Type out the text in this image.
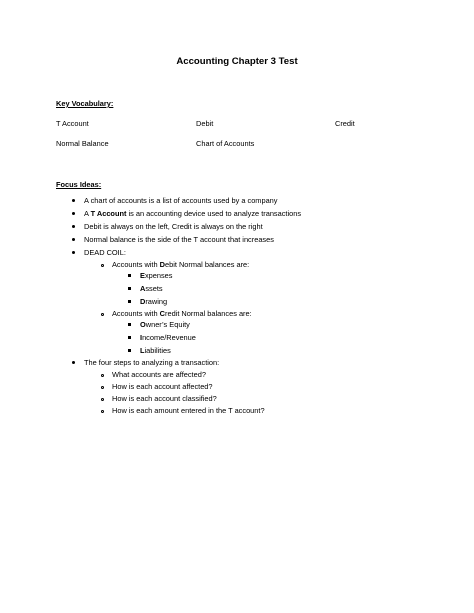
Accounting Chapter 3 Test
Key Vocabulary:
T Account	Debit	Credit
Normal Balance	Chart of Accounts
Focus Ideas:
A chart of accounts is a list of accounts used by a company
A T Account is an accounting device used to analyze transactions
Debit is always on the left, Credit is always on the right
Normal balance is the side of the T account that increases
DEAD COIL:
Accounts with Debit Normal balances are:
Expenses
Assets
Drawing
Accounts with Credit Normal balances are:
Owner’s Equity
Income/Revenue
Liabilities
The four steps to analyzing a transaction:
What accounts are affected?
How is each account affected?
How is each account classified?
How is each amount entered in the T account?
